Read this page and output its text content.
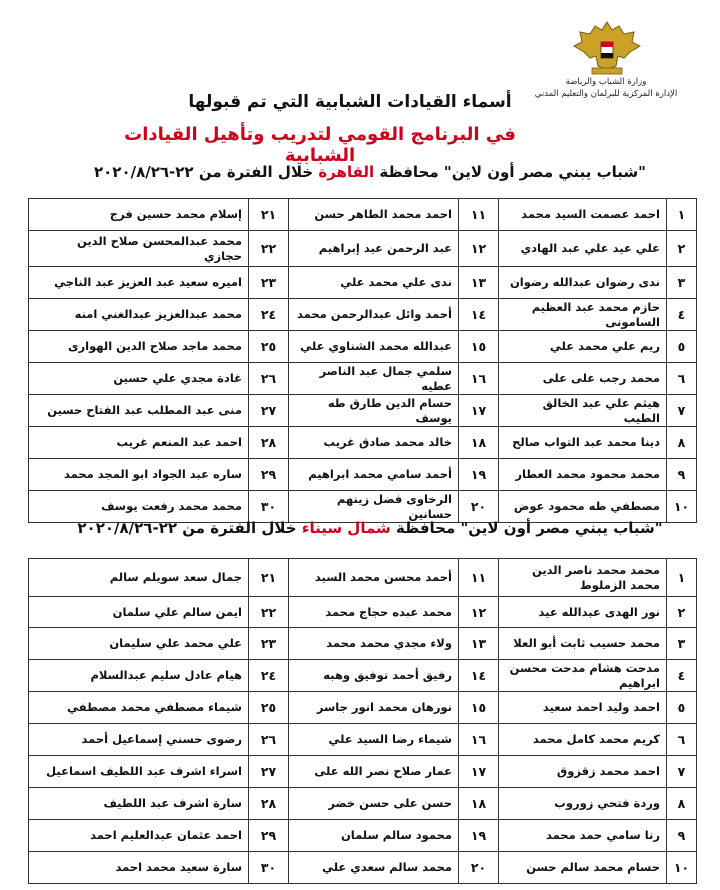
وزارة الشباب والرياضة
الإدارة المركزية للبرلمان والتعليم المدني
أسماء القيادات الشبابية التي تم قبولها
في البرنامج القومي لتدريب وتأهيل القيادات الشبابية
"شباب يبني مصر أون لاين" محافظة القاهرة خلال الفترة من ٢٢-٢٠٢٠/٨/٢٦
١	احمد عصمت السيد محمد	١١	احمد محمد الطاهر حسن	٢١	إسلام محمد حسين فرج
٢	علي عيد علي عبد الهادي	١٢	عبد الرحمن عيد إبراهيم	٢٢	محمد عبدالمحسن صلاح الدين حجازي
٣	ندى رضوان عبدالله رضوان	١٣	ندى علي محمد علي	٢٣	اميره سعيد عبد العزيز عبد الناجي
٤	حازم محمد عبد العظيم السامونى	١٤	أحمد وائل عبدالرحمن محمد	٢٤	محمد عبدالعزيز عبدالغني امنه
٥	ريم علي محمد علي	١٥	عبدالله محمد الشناوي علي	٢٥	محمد ماجد صلاح الدين الهوارى
٦	محمد رجب على على	١٦	سلمي جمال عبد الناصر عطيه	٢٦	غادة مجدي علي حسين
٧	هيثم علي عبد الخالق الطيب	١٧	حسام الدين طارق طه يوسف	٢٧	منى عبد المطلب عبد الفتاح حسين
٨	دينا محمد عبد التواب صالح	١٨	خالد محمد صادق غريب	٢٨	احمد عبد المنعم غريب
٩	محمد محمود محمد العطار	١٩	أحمد سامي محمد ابراهيم	٢٩	ساره عبد الجواد ابو المجد محمد
١٠	مصطفي طه محمود عوض	٢٠	الرخاوى فضل زينهم حسانين	٣٠	محمد محمد رفعت يوسف
"شباب يبني مصر أون لاين" محافظة شمال سيناء خلال الفترة من ٢٢-٢٠٢٠/٨/٢٦
١	محمد محمد ناصر الدين محمد الزملوط	١١	أحمد محسن محمد السيد	٢١	جمال سعد سويلم سالم
٢	نور الهدى عبدالله عيد	١٢	محمد عبده حجاج محمد	٢٢	ايمن سالم علي سلمان
٣	محمد حسيب ثابت أبو العلا	١٣	ولاء مجدي محمد محمد	٢٣	علي محمد علي سليمان
٤	مدحت هشام مدحت محسن ابراهيم	١٤	رفيق أحمد توفيق وهبه	٢٤	هيام عادل سليم عبدالسلام
٥	احمد وليد احمد سعيد	١٥	نورهان محمد انور جاسر	٢٥	شيماء مصطفي محمد مصطفي
٦	كريم محمد كامل محمد	١٦	شيماء رضا السيد علي	٢٦	رضوى حسني إسماعيل أحمد
٧	احمد محمد زقزوق	١٧	عمار صلاح نصر الله على	٢٧	اسراء اشرف عبد اللطيف اسماعيل
٨	وردة فتحي زوروب	١٨	حسن على حسن خضر	٢٨	سارة اشرف عبد اللطيف
٩	رنا سامي حمد محمد	١٩	محمود سالم سلمان	٢٩	احمد عثمان عبدالعليم احمد
١٠	حسام محمد سالم حسن	٢٠	محمد سالم سعدي علي	٣٠	سارة سعيد محمد احمد
